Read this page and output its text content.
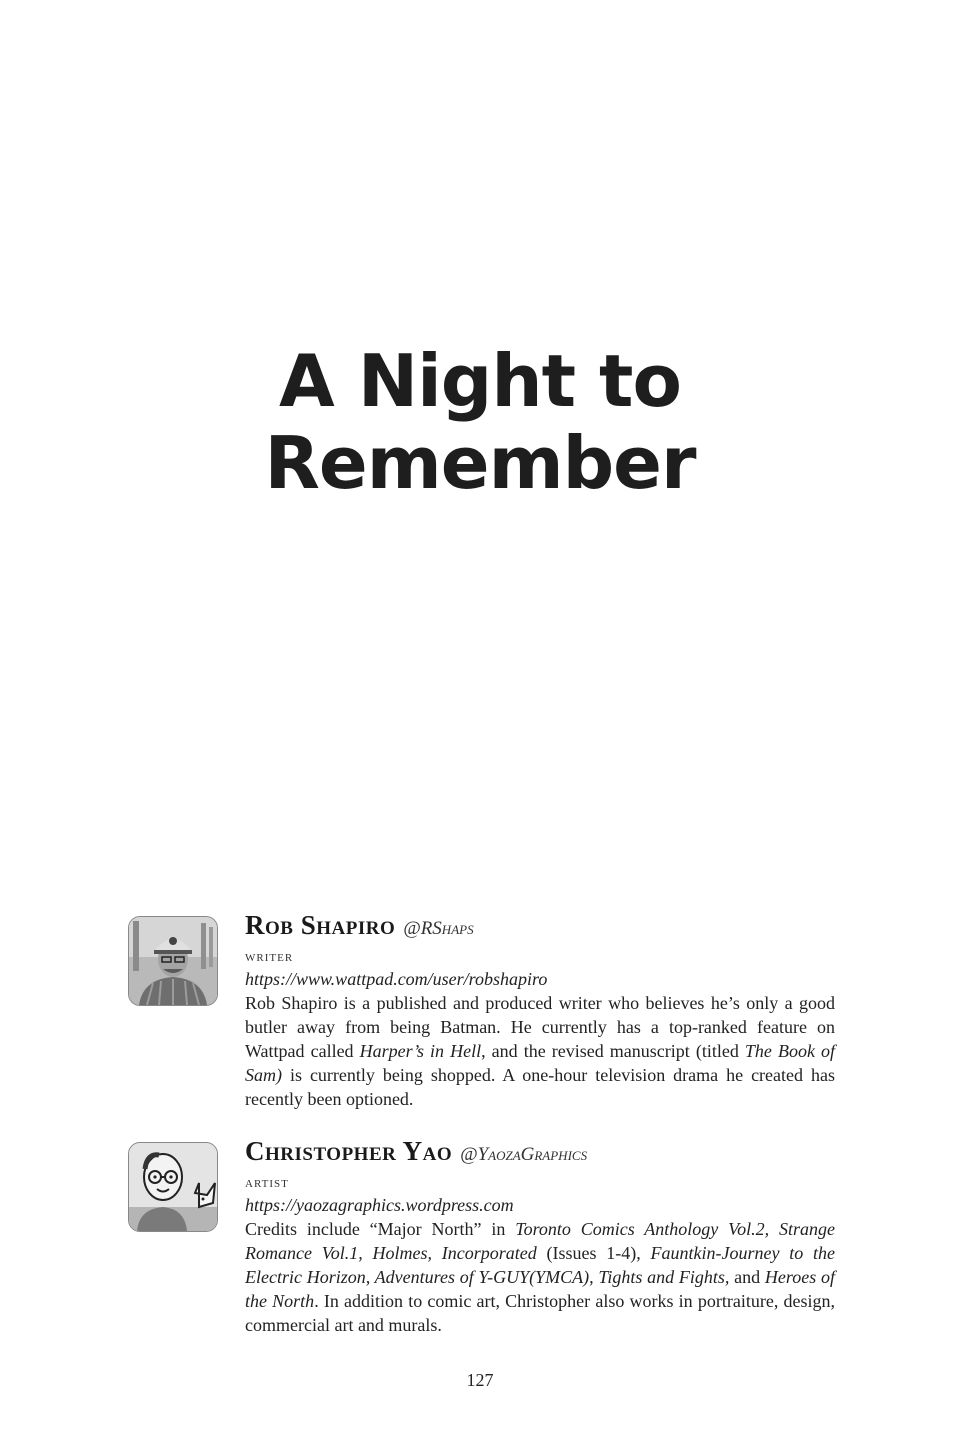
A Night to
Remember

Rob Shapiro @RShaps

writer

https://www.wattpad.com/user/robshapiro

Rob Shapiro is a published and produced writer who believes he’s only a good butler away from being Batman. He currently has a top-ranked feature on Wattpad called Harper’s in Hell, and the revised manuscript (titled The Book of Sam) is currently being shopped. A one-hour television drama he created has recently been optioned.

Christopher Yao @YaozaGraphics

artist

https://yaozagraphics.wordpress.com

Credits include “Major North” in Toronto Comics Anthology Vol.2, Strange Romance Vol.1, Holmes, Incorporated (Issues 1-4), Fauntkin-Journey to the Electric Horizon, Adventures of Y-GUY(YMCA), Tights and Fights, and Heroes of the North. In addition to comic art, Christopher also works in portraiture, design, commercial art and murals.

127
